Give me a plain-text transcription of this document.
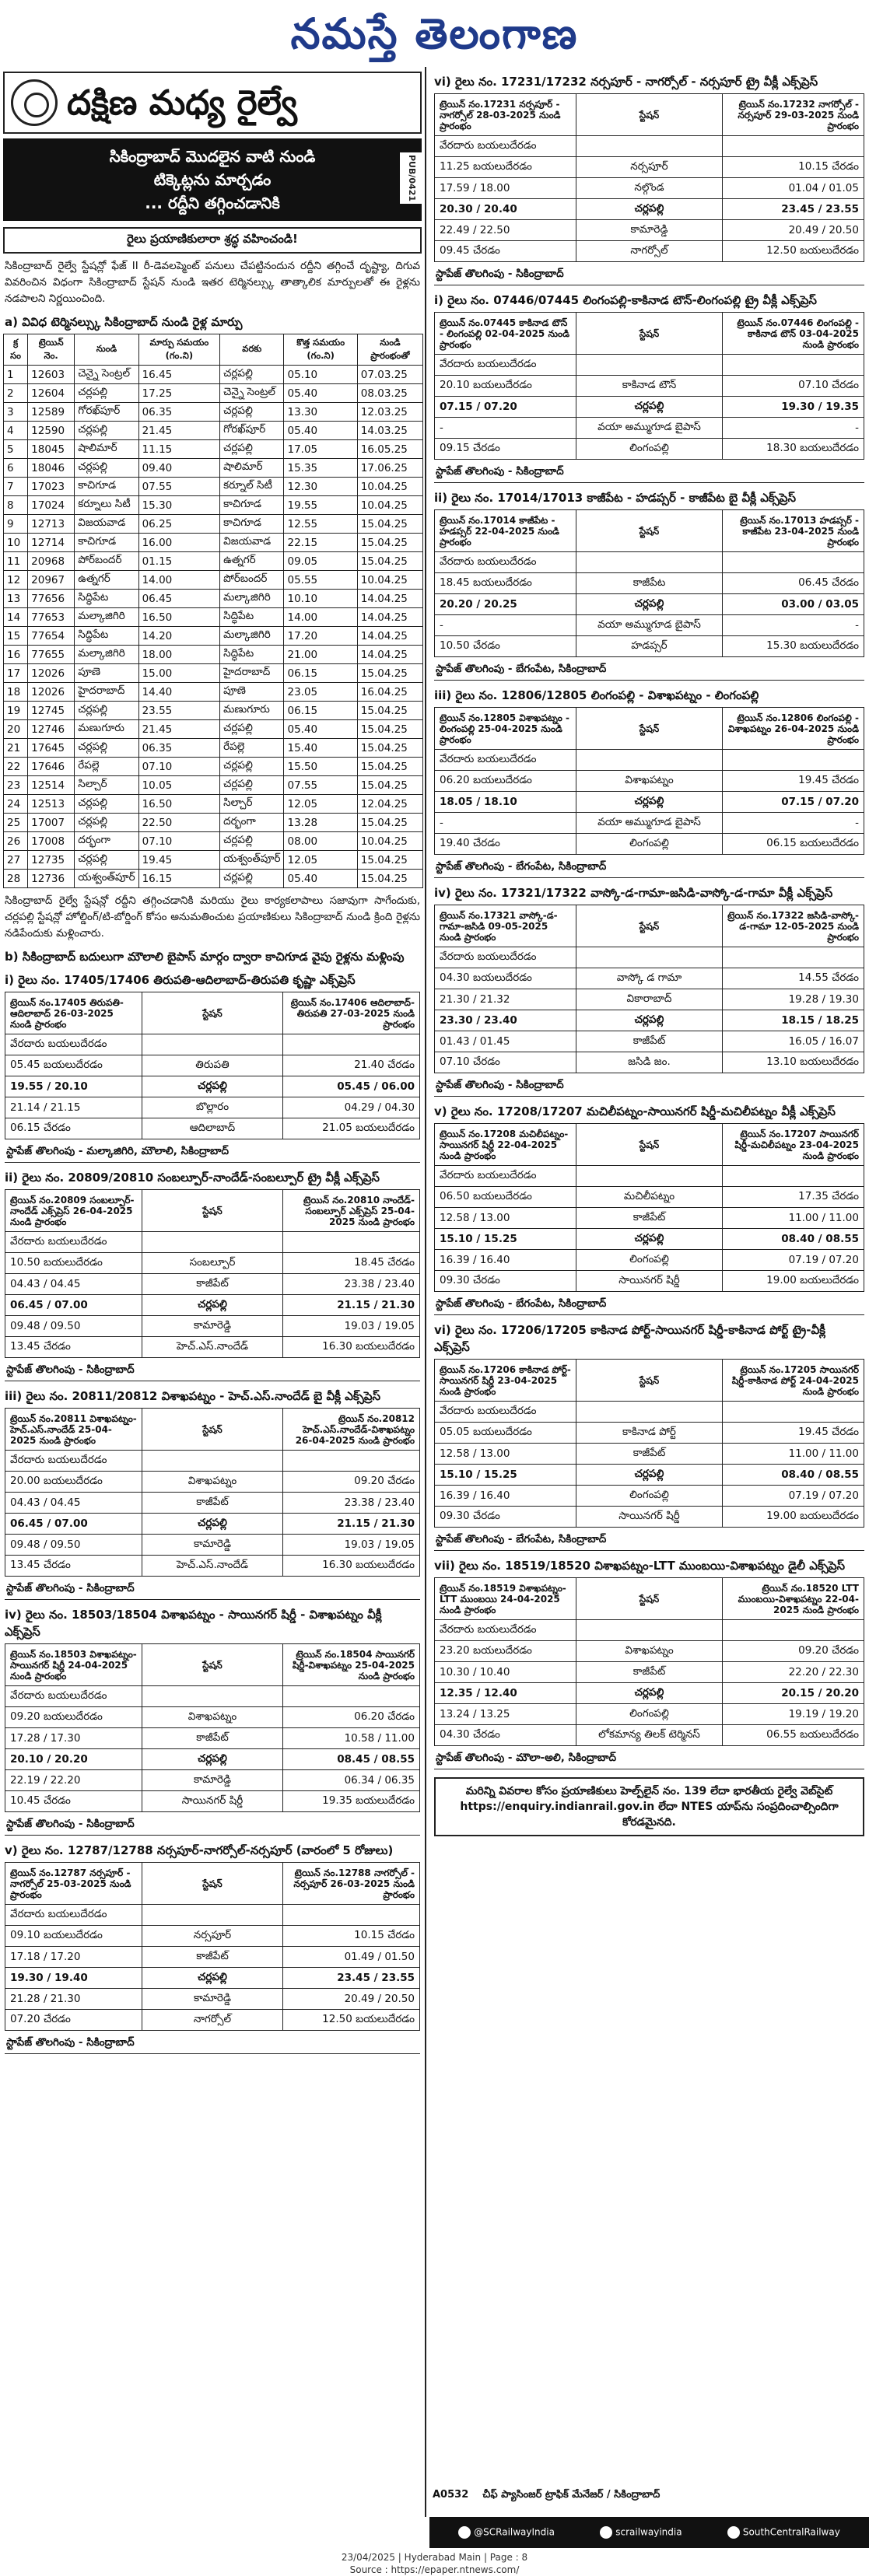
నమస్తే తెలంగాణ
దక్షిణ మధ్య రైల్వే
సికింద్రాబాద్ మొదలైన వాటి నుండి
టిక్కెట్లను మార్చడం
... రద్దీని తగ్గించడానికి
PUB/0421
రైలు ప్రయాణికులారా శ్రద్ధ వహించండి!
సికింద్రాబాద్ రైల్వే స్టేషన్లో ఫేజ్ II రీ-డెవలప్మెంట్ పనులు చేపట్టినందున రద్దీని తగ్గించే దృష్ట్యా, దిగువ వివరించిన విధంగా సికింద్రాబాద్ స్టేషన్ నుండి ఇతర టెర్మినల్స్కు తాత్కాలిక మార్పులతో ఈ రైళ్లను నడపాలని నిర్ణయించింది.
a) వివిధ టెర్మినల్స్కు సికింద్రాబాద్ నుండి రైళ్ల మార్పు
క్ర సం	ట్రెయిన్ నెం.	నుండి	మార్పు సమయం (గం.ని)	వరకు	కొత్త సమయం (గం.ని)	నుండి ప్రారంభంతో
1	12603	చెన్నై సెంట్రల్	16.45	చర్లపల్లి	05.10	07.03.25
2	12604	చర్లపల్లి	17.25	చెన్నై సెంట్రల్	05.40	08.03.25
3	12589	గోరఖ్‌పూర్	06.35	చర్లపల్లి	13.30	12.03.25
4	12590	చర్లపల్లి	21.45	గోరఖ్‌పూర్	05.40	14.03.25
5	18045	షాలిమార్	11.15	చర్లపల్లి	17.05	16.05.25
6	18046	చర్లపల్లి	09.40	షాలిమార్	15.35	17.06.25
7	17023	కాచిగూడ	07.55	కర్నూల్ సిటీ	12.30	10.04.25
8	17024	కర్నూలు సిటీ	15.30	కాచిగూడ	19.55	10.04.25
9	12713	విజయవాడ	06.25	కాచిగూడ	12.55	15.04.25
10	12714	కాచిగూడ	16.00	విజయవాడ	22.15	15.04.25
11	20968	పోర్‌బందర్	01.15	ఉత్నగర్	09.05	15.04.25
12	20967	ఉత్నగర్	14.00	పోర్‌బందర్	05.55	10.04.25
13	77656	సిద్ధిపేట	06.45	మల్కాజిగిరి	10.10	14.04.25
14	77653	మల్కాజిగిరి	16.50	సిద్ధిపేట	14.00	14.04.25
15	77654	సిద్ధిపేట	14.20	మల్కాజిగిరి	17.20	14.04.25
16	77655	మల్కాజిగిరి	18.00	సిద్ధిపేట	21.00	14.04.25
17	12026	పూణె	15.00	హైదరాబాద్	06.15	15.04.25
18	12026	హైదరాబాద్	14.40	పూణె	23.05	16.04.25
19	12745	చర్లపల్లి	23.55	మణుగూరు	06.15	15.04.25
20	12746	మణుగూరు	21.45	చర్లపల్లి	05.40	15.04.25
21	17645	చర్లపల్లి	06.35	రేపల్లె	15.40	15.04.25
22	17646	రేపల్లె	07.10	చర్లపల్లి	15.50	15.04.25
23	12514	సిల్చార్	10.05	చర్లపల్లి	07.55	15.04.25
24	12513	చర్లపల్లి	16.50	సిల్చార్	12.05	12.04.25
25	17007	చర్లపల్లి	22.50	దర్భంగా	13.28	15.04.25
26	17008	దర్భంగా	07.10	చర్లపల్లి	08.00	10.04.25
27	12735	చర్లపల్లి	19.45	యశ్వంత్‌పూర్	12.05	15.04.25
28	12736	యశ్వంత్‌పూర్	16.15	చర్లపల్లి	05.40	15.04.25
సికింద్రాబాద్ రైల్వే స్టేషన్లో రద్దీని తగ్గించడానికి మరియు రైలు కార్యకలాపాలు సజావుగా సాగేందుకు, చర్లపల్లి స్టేషన్లో హోల్డింగ్/టి-బోర్డింగ్ కోసం అనుమతించుట ప్రయాణికులు సికింద్రాబాద్ నుండి క్రింది రైళ్లను నడిపేందుకు మళ్లించారు.
b) సికింద్రాబాద్ బదులుగా మౌలాలి బైపాస్ మార్గం ద్వారా కాచిగూడ వైపు రైళ్లను మళ్లింపు
i) రైలు నం. 17405/17406 తిరుపతి-ఆదిలాబాద్-తిరుపతి కృష్ణా ఎక్స్‌ప్రెస్
ట్రెయిన్ నం.17405 తిరుపతి-ఆదిలాబాద్ 26-03-2025 నుండి ప్రారంభం	స్టేషన్	ట్రెయిన్ నం.17406 ఆదిలాబాద్-తిరుపతి 27-03-2025 నుండి ప్రారంభం
వేరదారు బయలుదేరడం		
05.45 బయలుదేరడం	తిరుపతి	21.40 చేరడం
19.55 / 20.10	చర్లపల్లి	05.45 / 06.00
21.14 / 21.15	బొల్లారం	04.29 / 04.30
06.15 చేరడం	ఆదిలాబాద్	21.05 బయలుదేరడం
స్టాపేజ్ తొలగింపు - మల్కాజిగిరి, మౌలాలి, సికింద్రాబాద్
ii) రైలు నం. 20809/20810 సంబల్పూర్-నాందేడ్-సంబల్పూర్ ట్రై వీక్లీ ఎక్స్‌ప్రెస్
ట్రెయిన్ నం.20809 సంబల్పూర్-నాందేడ్ ఎక్స్‌ప్రెస్ 26-04-2025 నుండి ప్రారంభం	స్టేషన్	ట్రెయిన్ నం.20810 నాందేడ్-సంబల్పూర్ ఎక్స్‌ప్రెస్ 25-04-2025 నుండి ప్రారంభం
వేరదారు బయలుదేరడం		
10.50 బయలుదేరడం	సంబల్పూర్	18.45 చేరడం
04.43 / 04.45	కాజీపేట్	23.38 / 23.40
06.45 / 07.00	చర్లపల్లి	21.15 / 21.30
09.48 / 09.50	కామారెడ్డి	19.03 / 19.05
13.45 చేరడం	హెచ్.ఎస్.నాందేడ్	16.30 బయలుదేరడం
స్టాపేజ్ తొలగింపు - సికింద్రాబాద్
iii) రైలు నం. 20811/20812 విశాఖపట్నం - హెచ్.ఎస్.నాందేడ్ బై వీక్లీ ఎక్స్‌ప్రెస్
ట్రెయిన్ నం.20811 విశాఖపట్నం-హెచ్.ఎస్.నాందేడ్ 25-04-2025 నుండి ప్రారంభం	స్టేషన్	ట్రెయిన్ నం.20812 హెచ్.ఎస్.నాందేడ్-విశాఖపట్నం 26-04-2025 నుండి ప్రారంభం
వేరదారు బయలుదేరడం		
20.00 బయలుదేరడం	విశాఖపట్నం	09.20 చేరడం
04.43 / 04.45	కాజీపేట్	23.38 / 23.40
06.45 / 07.00	చర్లపల్లి	21.15 / 21.30
09.48 / 09.50	కామారెడ్డి	19.03 / 19.05
13.45 చేరడం	హెచ్.ఎస్.నాందేడ్	16.30 బయలుదేరడం
స్టాపేజ్ తొలగింపు - సికింద్రాబాద్
iv) రైలు నం. 18503/18504 విశాఖపట్నం - సాయినగర్ షిర్డీ - విశాఖపట్నం వీక్లీ ఎక్స్‌ప్రెస్
ట్రెయిన్ నం.18503 విశాఖపట్నం-సాయినగర్ షిర్డీ 24-04-2025 నుండి ప్రారంభం	స్టేషన్	ట్రెయిన్ నం.18504 సాయినగర్ షిర్డీ-విశాఖపట్నం 25-04-2025 నుండి ప్రారంభం
వేరదారు బయలుదేరడం		
09.20 బయలుదేరడం	విశాఖపట్నం	06.20 చేరడం
17.28 / 17.30	కాజీపేట్	10.58 / 11.00
20.10 / 20.20	చర్లపల్లి	08.45 / 08.55
22.19 / 22.20	కామారెడ్డి	06.34 / 06.35
10.45 చేరడం	సాయినగర్ షిర్డీ	19.35 బయలుదేరడం
స్టాపేజ్ తొలగింపు - సికింద్రాబాద్
v) రైలు నం. 12787/12788 నర్సపూర్-నాగర్సోల్-నర్సపూర్ (వారంలో 5 రోజులు)
ట్రెయిన్ నం.12787 నర్సపూర్ - నాగర్సోల్ 25-03-2025 నుండి ప్రారంభం	స్టేషన్	ట్రెయిన్ నం.12788 నాగర్సోల్ - నర్సపూర్ 26-03-2025 నుండి ప్రారంభం
వేరదారు బయలుదేరడం		
09.10 బయలుదేరడం	నర్సపూర్	10.15 చేరడం
17.18 / 17.20	కాజీపేట్	01.49 / 01.50
19.30 / 19.40	చర్లపల్లి	23.45 / 23.55
21.28 / 21.30	కామారెడ్డి	20.49 / 20.50
07.20 చేరడం	నాగర్సోల్	12.50 బయలుదేరడం
స్టాపేజ్ తొలగింపు - సికింద్రాబాద్
vi) రైలు నం. 17231/17232 నర్సపూర్ - నాగర్సోల్ - నర్సపూర్ ట్రై వీక్లీ ఎక్స్‌ప్రెస్
ట్రెయిన్ నం.17231 నర్సపూర్ - నాగర్సోల్ 28-03-2025 నుండి ప్రారంభం	స్టేషన్	ట్రెయిన్ నం.17232 నాగర్సోల్ - నర్సపూర్ 29-03-2025 నుండి ప్రారంభం
వేరదారు బయలుదేరడం		
11.25 బయలుదేరడం	నర్సపూర్	10.15 చేరడం
17.59 / 18.00	నల్గొండ	01.04 / 01.05
20.30 / 20.40	చర్లపల్లి	23.45 / 23.55
22.49 / 22.50	కామారెడ్డి	20.49 / 20.50
09.45 చేరడం	నాగర్సోల్	12.50 బయలుదేరడం
స్టాపేజ్ తొలగింపు - సికింద్రాబాద్
i) రైలు నం. 07446/07445 లింగంపల్లి-కాకినాడ టౌన్-లింగంపల్లి ట్రై వీక్లీ ఎక్స్‌ప్రెస్
ట్రెయిన్ నం.07445 కాకినాడ టౌన్ - లింగంపల్లి 02-04-2025 నుండి ప్రారంభం	స్టేషన్	ట్రెయిన్ నం.07446 లింగంపల్లి - కాకినాడ టౌన్ 03-04-2025 నుండి ప్రారంభం
వేరదారు బయలుదేరడం		
20.10 బయలుదేరడం	కాకినాడ టౌన్	07.10 చేరడం
07.15 / 07.20	చర్లపల్లి	19.30 / 19.35
-	వయా అమ్ముగూడ బైపాస్	-
09.15 చేరడం	లింగంపల్లి	18.30 బయలుదేరడం
స్టాపేజ్ తొలగింపు - సికింద్రాబాద్
ii) రైలు నం. 17014/17013 కాజీపేట - హడప్సర్ - కాజీపేట బై వీక్లీ ఎక్స్‌ప్రెస్
ట్రెయిన్ నం.17014 కాజీపేట - హడప్సర్ 22-04-2025 నుండి ప్రారంభం	స్టేషన్	ట్రెయిన్ నం.17013 హడప్సర్ - కాజీపేట 23-04-2025 నుండి ప్రారంభం
వేరదారు బయలుదేరడం		
18.45 బయలుదేరడం	కాజీపేట	06.45 చేరడం
20.20 / 20.25	చర్లపల్లి	03.00 / 03.05
-	వయా అమ్ముగూడ బైపాస్	-
10.50 చేరడం	హడప్సర్	15.30 బయలుదేరడం
స్టాపేజ్ తొలగింపు - బేగంపేట, సికింద్రాబాద్
iii) రైలు నం. 12806/12805 లింగంపల్లి - విశాఖపట్నం - లింగంపల్లి
ట్రెయిన్ నం.12805 విశాఖపట్నం - లింగంపల్లి 25-04-2025 నుండి ప్రారంభం	స్టేషన్	ట్రెయిన్ నం.12806 లింగంపల్లి - విశాఖపట్నం 26-04-2025 నుండి ప్రారంభం
వేరదారు బయలుదేరడం		
06.20 బయలుదేరడం	విశాఖపట్నం	19.45 చేరడం
18.05 / 18.10	చర్లపల్లి	07.15 / 07.20
-	వయా అమ్ముగూడ బైపాస్	-
19.40 చేరడం	లింగంపల్లి	06.15 బయలుదేరడం
స్టాపేజ్ తొలగింపు - బేగంపేట, సికింద్రాబాద్
iv) రైలు నం. 17321/17322 వాస్కో-డ-గామా-జసిడి-వాస్కో-డ-గామా వీక్లీ ఎక్స్‌ప్రెస్
ట్రెయిన్ నం.17321 వాస్కో-డ-గామా-జసిడి 09-05-2025 నుండి ప్రారంభం	స్టేషన్	ట్రెయిన్ నం.17322 జసిడి-వాస్కో-డ-గామా 12-05-2025 నుండి ప్రారంభం
వేరదారు బయలుదేరడం		
04.30 బయలుదేరడం	వాస్కో డ గామా	14.55 చేరడం
21.30 / 21.32	వికారాబాద్	19.28 / 19.30
23.30 / 23.40	చర్లపల్లి	18.15 / 18.25
01.43 / 01.45	కాజీపేట్	16.05 / 16.07
07.10 చేరడం	జసిడి జం.	13.10 బయలుదేరడం
స్టాపేజ్ తొలగింపు - సికింద్రాబాద్
v) రైలు నం. 17208/17207 మచిలీపట్నం-సాయినగర్ షిర్డీ-మచిలీపట్నం వీక్లీ ఎక్స్‌ప్రెస్
ట్రెయిన్ నం.17208 మచిలీపట్నం-సాయినగర్ షిర్డీ 22-04-2025 నుండి ప్రారంభం	స్టేషన్	ట్రెయిన్ నం.17207 సాయినగర్ షిర్డీ-మచిలీపట్నం 23-04-2025 నుండి ప్రారంభం
వేరదారు బయలుదేరడం		
06.50 బయలుదేరడం	మచిలీపట్నం	17.35 చేరడం
12.58 / 13.00	కాజీపేట్	11.00 / 11.00
15.10 / 15.25	చర్లపల్లి	08.40 / 08.55
16.39 / 16.40	లింగంపల్లి	07.19 / 07.20
09.30 చేరడం	సాయినగర్ షిర్డీ	19.00 బయలుదేరడం
స్టాపేజ్ తొలగింపు - బేగంపేట, సికింద్రాబాద్
vi) రైలు నం. 17206/17205 కాకినాడ పోర్ట్-సాయినగర్ షిర్డీ-కాకినాడ పోర్ట్ ట్రై-వీక్లీ ఎక్స్‌ప్రెస్
ట్రెయిన్ నం.17206 కాకినాడ పోర్ట్-సాయినగర్ షిర్డీ 23-04-2025 నుండి ప్రారంభం	స్టేషన్	ట్రెయిన్ నం.17205 సాయినగర్ షిర్డీ-కాకినాడ పోర్ట్ 24-04-2025 నుండి ప్రారంభం
వేరదారు బయలుదేరడం		
05.05 బయలుదేరడం	కాకినాడ పోర్ట్	19.45 చేరడం
12.58 / 13.00	కాజీపేట్	11.00 / 11.00
15.10 / 15.25	చర్లపల్లి	08.40 / 08.55
16.39 / 16.40	లింగంపల్లి	07.19 / 07.20
09.30 చేరడం	సాయినగర్ షిర్డీ	19.00 బయలుదేరడం
స్టాపేజ్ తొలగింపు - బేగంపేట, సికింద్రాబాద్
vii) రైలు నం. 18519/18520 విశాఖపట్నం-LTT ముంబయి-విశాఖపట్నం డైలీ ఎక్స్‌ప్రెస్
ట్రెయిన్ నం.18519 విశాఖపట్నం-LTT ముంబయి 24-04-2025 నుండి ప్రారంభం	స్టేషన్	ట్రెయిన్ నం.18520 LTT ముంబయి-విశాఖపట్నం 22-04-2025 నుండి ప్రారంభం
వేరదారు బయలుదేరడం		
23.20 బయలుదేరడం	విశాఖపట్నం	09.20 చేరడం
10.30 / 10.40	కాజీపేట్	22.20 / 22.30
12.35 / 12.40	చర్లపల్లి	20.15 / 20.20
13.24 / 13.25	లింగంపల్లి	19.19 / 19.20
04.30 చేరడం	లోకమాన్య తిలక్ టెర్మినస్	06.55 బయలుదేరడం
స్టాపేజ్ తొలగింపు - మౌలా-అలి, సికింద్రాబాద్
మరిన్ని వివరాల కోసం ప్రయాణికులు హెల్ప్‌లైన్ నం. 139 లేదా భారతీయ రైల్వే వెబ్‌సైట్ https://enquiry.indianrail.gov.in లేదా NTES యాప్‌ను సంప్రదించాల్సిందిగా కోరడమైనది.
A0532 చీఫ్ ప్యాసింజర్ ట్రాఫిక్ మేనేజర్ / సికింద్రాబాద్
@SCRailwayIndia	scrailwayindia	SouthCentralRailway
23/04/2025 | Hyderabad Main | Page : 8
Source : https://epaper.ntnews.com/
